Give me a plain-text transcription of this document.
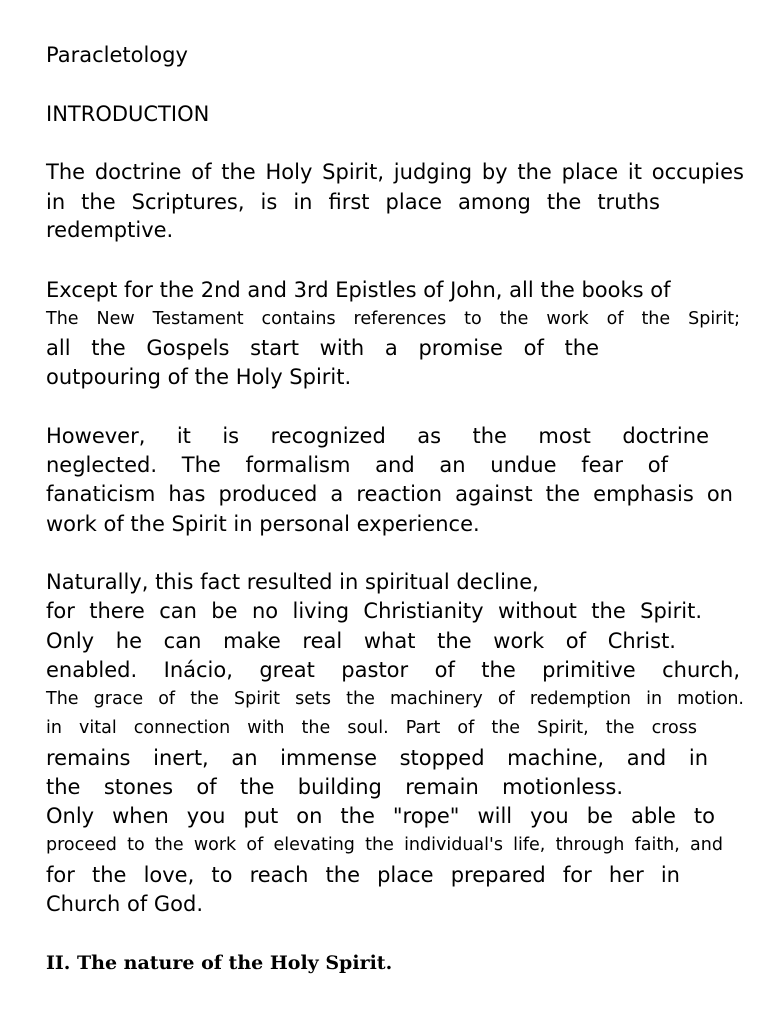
Paracletology
INTRODUCTION
The doctrine of the Holy Spirit, judging by the place it occupies
in the Scriptures, is in first place among the truths
redemptive.
Except for the 2nd and 3rd Epistles of John, all the books of
The New Testament contains references to the work of the Spirit;
all the Gospels start with a promise of the
outpouring of the Holy Spirit.
However, it is recognized as the most doctrine
neglected. The formalism and an undue fear of
fanaticism has produced a reaction against the emphasis on
work of the Spirit in personal experience.
Naturally, this fact resulted in spiritual decline,
for there can be no living Christianity without the Spirit.
Only he can make real what the work of Christ.
enabled. Inácio, great pastor of the primitive church,
The grace of the Spirit sets the machinery of redemption in motion.
in vital connection with the soul. Part of the Spirit, the cross
remains inert, an immense stopped machine, and in
the stones of the building remain motionless.
Only when you put on the "rope" will you be able to
proceed to the work of elevating the individual's life, through faith, and
for the love, to reach the place prepared for her in
Church of God.
II. The nature of the Holy Spirit.
